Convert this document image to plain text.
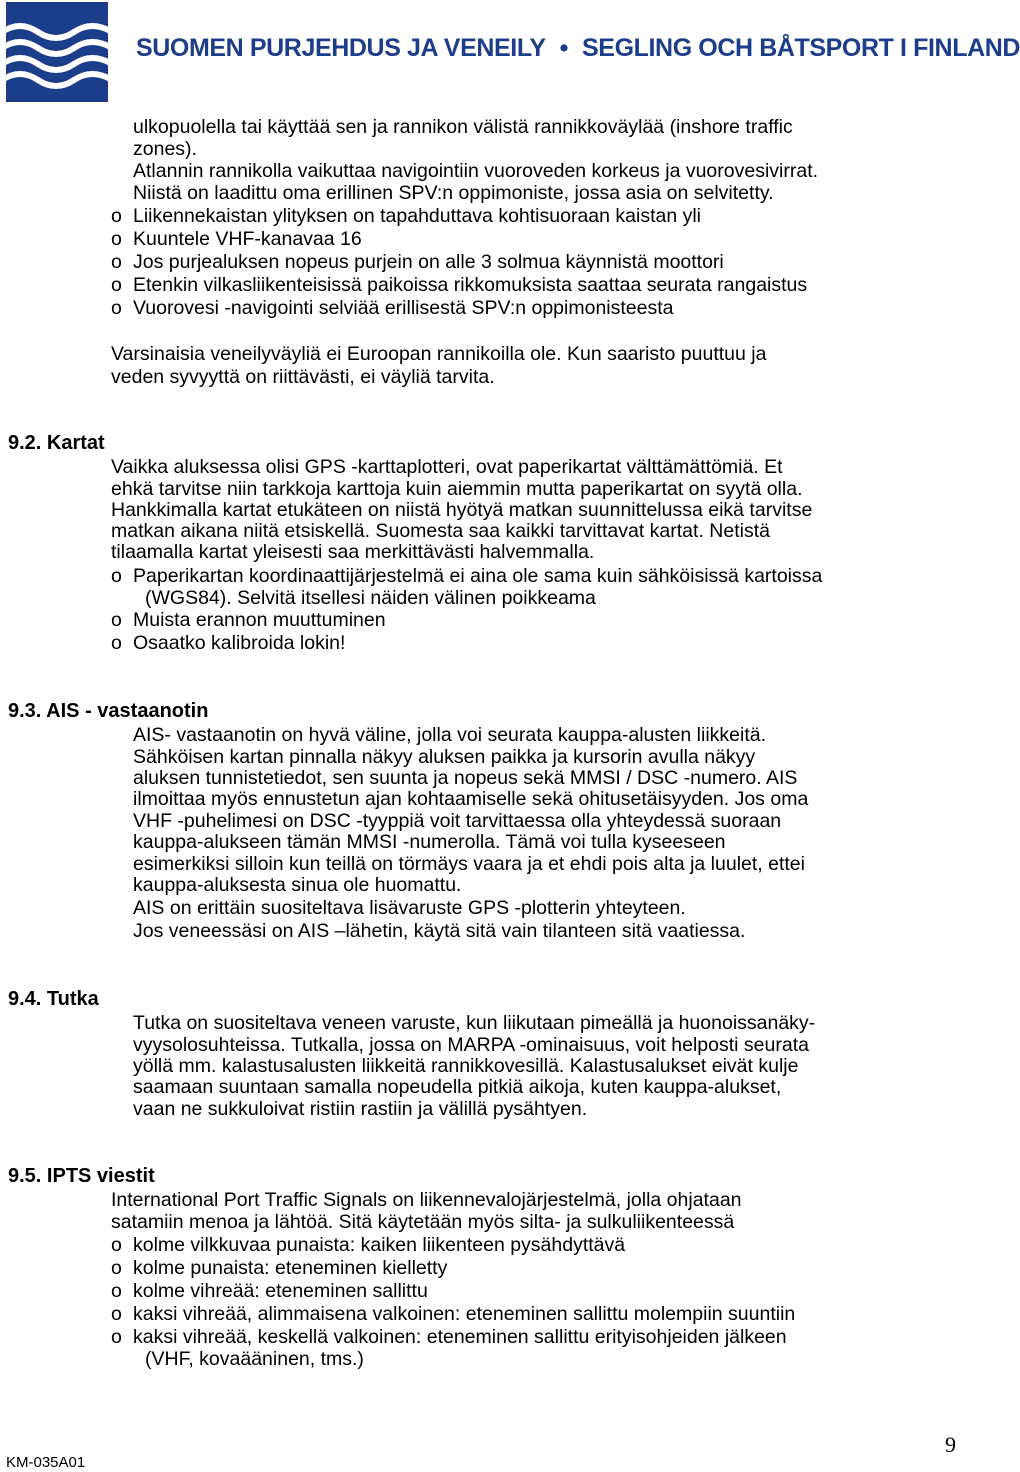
SUOMEN PURJEHDUS JA VENEILY • SEGLING OCH BÅTSPORT I FINLAND
ulkopuolella tai käyttää sen ja rannikon välistä rannikkoväylää (inshore traffic
zones).
Atlannin rannikolla vaikuttaa navigointiin vuoroveden korkeus ja vuorovesivirrat.
Niistä on laadittu oma erillinen SPV:n oppimoniste, jossa asia on selvitetty.
o Liikennekaistan ylityksen on tapahduttava kohtisuoraan kaistan yli
o Kuuntele VHF-kanavaa 16
o Jos purjealuksen nopeus purjein on alle 3 solmua käynnistä moottori
o Etenkin vilkasliikenteisissä paikoissa rikkomuksista saattaa seurata rangaistus
o Vuorovesi -navigointi selviää erillisestä SPV:n oppimonisteesta
Varsinaisia veneilyväyliä ei Euroopan rannikoilla ole. Kun saaristo puuttuu ja
veden syvyyttä on riittävästi, ei väyliä tarvita.
9.2. Kartat
Vaikka aluksessa olisi GPS -karttaplotteri, ovat paperikartat välttämättömiä. Et
ehkä tarvitse niin tarkkoja karttoja kuin aiemmin mutta paperikartat on syytä olla.
Hankkimalla kartat etukäteen on niistä hyötyä matkan suunnittelussa eikä tarvitse
matkan aikana niitä etsiskellä. Suomesta saa kaikki tarvittavat kartat. Netistä
tilaamalla kartat yleisesti saa merkittävästi halvemmalla.
o Paperikartan koordinaattijärjestelmä ei aina ole sama kuin sähköisissä kartoissa
(WGS84). Selvitä itsellesi näiden välinen poikkeama
o Muista erannon muuttuminen
o Osaatko kalibroida lokin!
9.3. AIS - vastaanotin
AIS- vastaanotin on hyvä väline, jolla voi seurata kauppa-alusten liikkeitä.
Sähköisen kartan pinnalla näkyy aluksen paikka ja kursorin avulla näkyy
aluksen tunnistetiedot, sen suunta ja nopeus sekä MMSI / DSC -numero. AIS
ilmoittaa myös ennustetun ajan kohtaamiselle sekä ohitusetäisyyden. Jos oma
VHF -puhelimesi on DSC -tyyppiä voit tarvittaessa olla yhteydessä suoraan
kauppa-alukseen tämän MMSI -numerolla. Tämä voi tulla kyseeseen
esimerkiksi silloin kun teillä on törmäys vaara ja et ehdi pois alta ja luulet, ettei
kauppa-aluksesta sinua ole huomattu.
AIS on erittäin suositeltava lisävaruste GPS -plotterin yhteyteen.
Jos veneessäsi on AIS –lähetin, käytä sitä vain tilanteen sitä vaatiessa.
9.4. Tutka
Tutka on suositeltava veneen varuste, kun liikutaan pimeällä ja huonoissanäky-
vyysolosuhteissa. Tutkalla, jossa on MARPA -ominaisuus, voit helposti seurata
yöllä mm. kalastusalusten liikkeitä rannikkovesillä. Kalastusalukset eivät kulje
saamaan suuntaan samalla nopeudella pitkiä aikoja, kuten kauppa-alukset,
vaan ne sukkuloivat ristiin rastiin ja välillä pysähtyen.
9.5. IPTS viestit
International Port Traffic Signals on liikennevalojärjestelmä, jolla ohjataan
satamiin menoa ja lähtöä. Sitä käytetään myös silta- ja sulkuliikenteessä
o kolme vilkkuvaa punaista: kaiken liikenteen pysähdyttävä
o kolme punaista: eteneminen kielletty
o kolme vihreää: eteneminen sallittu
o kaksi vihreää, alimmaisena valkoinen: eteneminen sallittu molempiin suuntiin
o kaksi vihreää, keskellä valkoinen: eteneminen sallittu erityisohjeiden jälkeen
(VHF, kovaääninen, tms.)
KM-035A01
9
